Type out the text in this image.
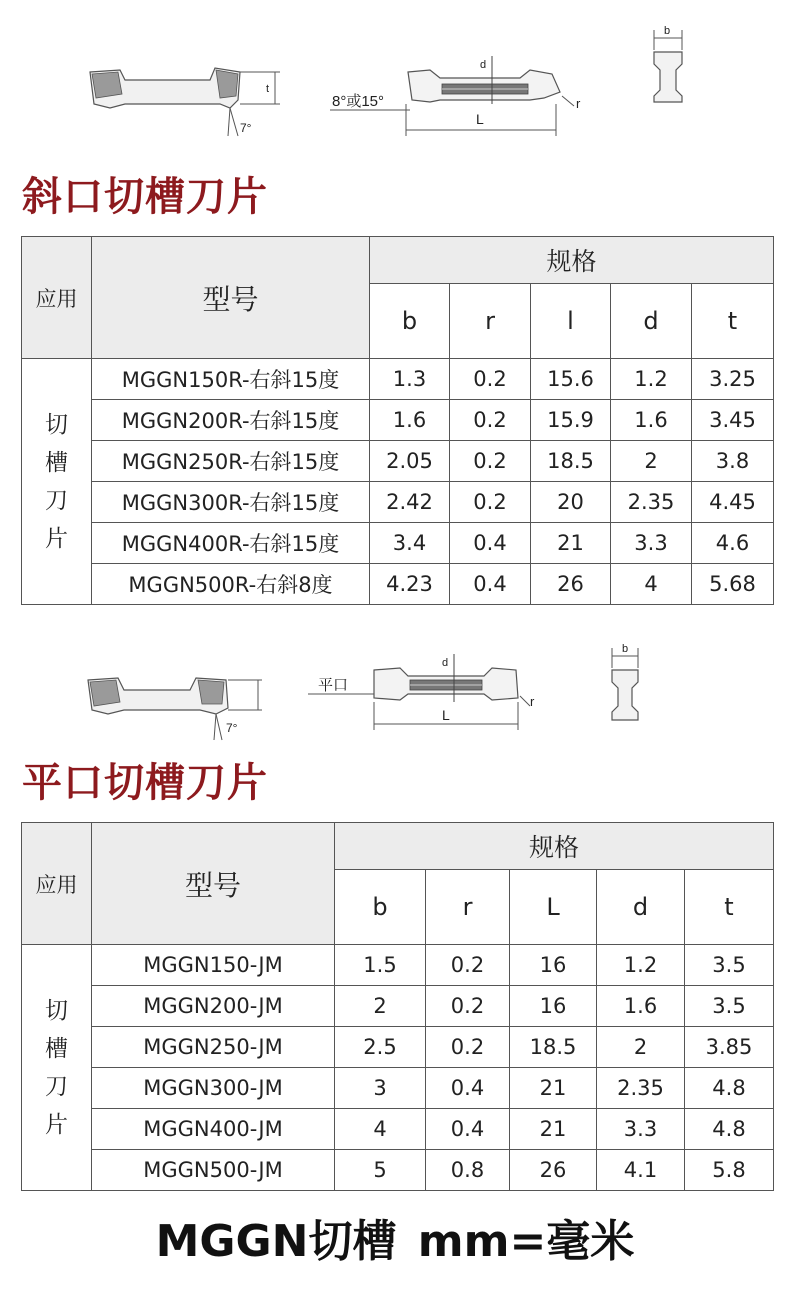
t
7°
d
8°或15°	r
L
b
斜口切槽刀片
应用	型号	规格				
		b	r	l	d	t

切
槽
刀
片	MGGN150R-右斜15度	1.3	0.2	15.6	1.2	3.25
	MGGN200R-右斜15度	1.6	0.2	15.9	1.6	3.45
	MGGN250R-右斜15度	2.05	0.2	18.5	2	3.8
	MGGN300R-右斜15度	2.42	0.2	20	2.35	4.45
	MGGN400R-右斜15度	3.4	0.4	21	3.3	4.6
	MGGN500R-右斜8度	4.23	0.4	26	4	5.68
7°
d
平口
r
L
b
平口切槽刀片
应用	型号	规格				
		b	r	L	d	t

切
槽
刀
片	MGGN150-JM	1.5	0.2	16	1.2	3.5
	MGGN200-JM	2	0.2	16	1.6	3.5
	MGGN250-JM	2.5	0.2	18.5	2	3.85
	MGGN300-JM	3	0.4	21	2.35	4.8
	MGGN400-JM	4	0.4	21	3.3	4.8
	MGGN500-JM	5	0.8	26	4.1	5.8

MGGN切槽 mm=毫米
